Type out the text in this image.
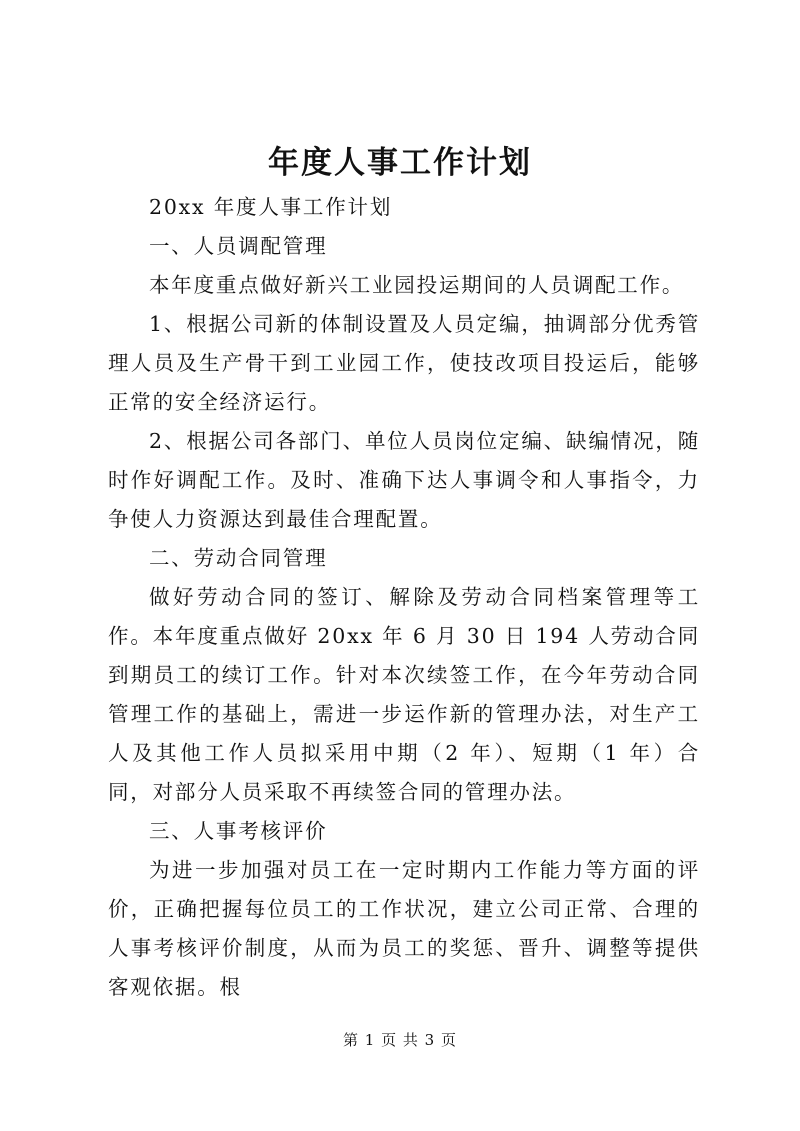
年度人事工作计划

20xx 年度人事工作计划

一、人员调配管理

本年度重点做好新兴工业园投运期间的人员调配工作。

1、根据公司新的体制设置及人员定编，抽调部分优秀管理人员及生产骨干到工业园工作，使技改项目投运后，能够正常的安全经济运行。

2、根据公司各部门、单位人员岗位定编、缺编情况，随时作好调配工作。及时、准确下达人事调令和人事指令，力争使人力资源达到最佳合理配置。

二、劳动合同管理

做好劳动合同的签订、解除及劳动合同档案管理等工作。本年度重点做好 20xx 年 6 月 30 日 194 人劳动合同到期员工的续订工作。针对本次续签工作，在今年劳动合同管理工作的基础上，需进一步运作新的管理办法，对生产工人及其他工作人员拟采用中期（2 年）、短期（1 年）合同，对部分人员采取不再续签合同的管理办法。

三、人事考核评价

为进一步加强对员工在一定时期内工作能力等方面的评价，正确把握每位员工的工作状况，建立公司正常、合理的人事考核评价制度，从而为员工的奖惩、晋升、调整等提供客观依据。根

第 1 页 共 3 页
